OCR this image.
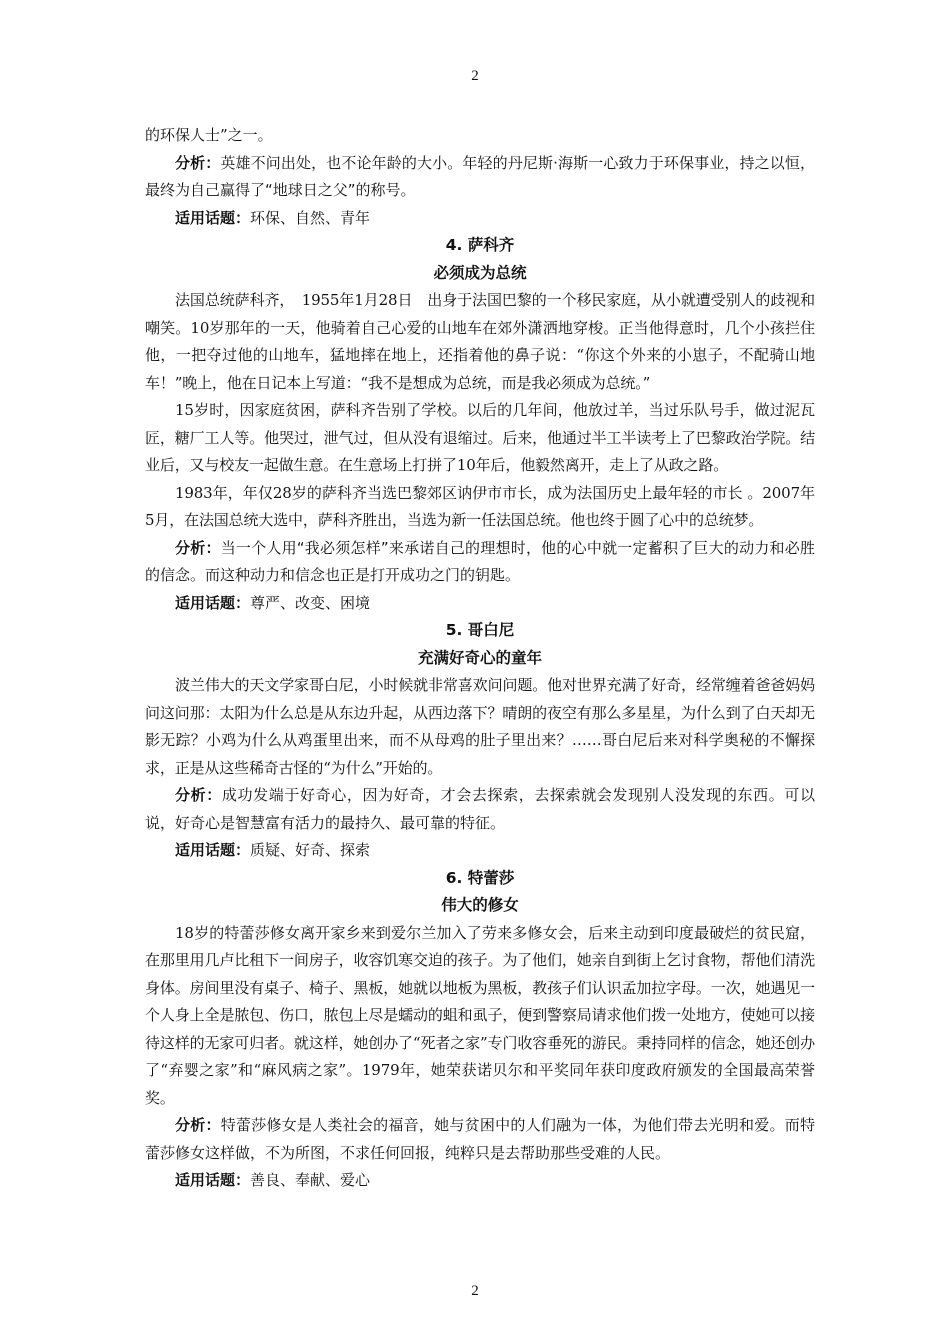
2
的环保人士”之一。

分析：英雄不问出处，也不论年龄的大小。年轻的丹尼斯·海斯一心致力于环保事业，持之以恒，最终为自己赢得了“地球日之父”的称号。

适用话题：环保、自然、青年

4. 萨科齐
必须成为总统

法国总统萨科齐，　1955年1月28日　出身于法国巴黎的一个移民家庭，从小就遭受别人的歧视和嘲笑。10岁那年的一天，他骑着自己心爱的山地车在郊外潇洒地穿梭。正当他得意时，几个小孩拦住他，一把夺过他的山地车，猛地摔在地上，还指着他的鼻子说：“你这个外来的小崽子，不配骑山地车！”晚上，他在日记本上写道：“我不是想成为总统，而是我必须成为总统。”

15岁时，因家庭贫困，萨科齐告别了学校。以后的几年间，他放过羊，当过乐队号手，做过泥瓦匠，糖厂工人等。他哭过，泄气过，但从没有退缩过。后来，他通过半工半读考上了巴黎政治学院。结业后，又与校友一起做生意。在生意场上打拼了10年后，他毅然离开，走上了从政之路。

1983年，年仅28岁的萨科齐当选巴黎郊区讷伊市市长，成为法国历史上最年轻的市长 。2007年5月，在法国总统大选中，萨科齐胜出，当选为新一任法国总统。他也终于圆了心中的总统梦。

分析：当一个人用“我必须怎样”来承诺自己的理想时，他的心中就一定蓄积了巨大的动力和必胜的信念。而这种动力和信念也正是打开成功之门的钥匙。

适用话题：尊严、改变、困境

5. 哥白尼
充满好奇心的童年

波兰伟大的天文学家哥白尼，小时候就非常喜欢问问题。他对世界充满了好奇，经常缠着爸爸妈妈问这问那：太阳为什么总是从东边升起，从西边落下？晴朗的夜空有那么多星星，为什么到了白天却无影无踪？小鸡为什么从鸡蛋里出来，而不从母鸡的肚子里出来？……哥白尼后来对科学奥秘的不懈探求，正是从这些稀奇古怪的“为什么”开始的。

分析：成功发端于好奇心，因为好奇，才会去探索，去探索就会发现别人没发现的东西。可以说，好奇心是智慧富有活力的最持久、最可靠的特征。

适用话题：质疑、好奇、探索

6. 特蕾莎
伟大的修女

18岁的特蕾莎修女离开家乡来到爱尔兰加入了劳来多修女会，后来主动到印度最破烂的贫民窟，在那里用几卢比租下一间房子，收容饥寒交迫的孩子。为了他们，她亲自到街上乞讨食物，帮他们清洗身体。房间里没有桌子、椅子、黑板，她就以地板为黑板，教孩子们认识孟加拉字母。一次，她遇见一个人身上全是脓包、伤口，脓包上尽是蠕动的蛆和虱子，便到警察局请求他们拨一处地方，使她可以接待这样的无家可归者。就这样，她创办了“死者之家”专门收容垂死的游民。秉持同样的信念，她还创办了“弃婴之家”和“麻风病之家”。1979年，她荣获诺贝尔和平奖同年获印度政府颁发的全国最高荣誉奖。

分析：特蕾莎修女是人类社会的福音，她与贫困中的人们融为一体，为他们带去光明和爱。而特蕾莎修女这样做，不为所图，不求任何回报，纯粹只是去帮助那些受难的人民。

适用话题：善良、奉献、爱心

2
